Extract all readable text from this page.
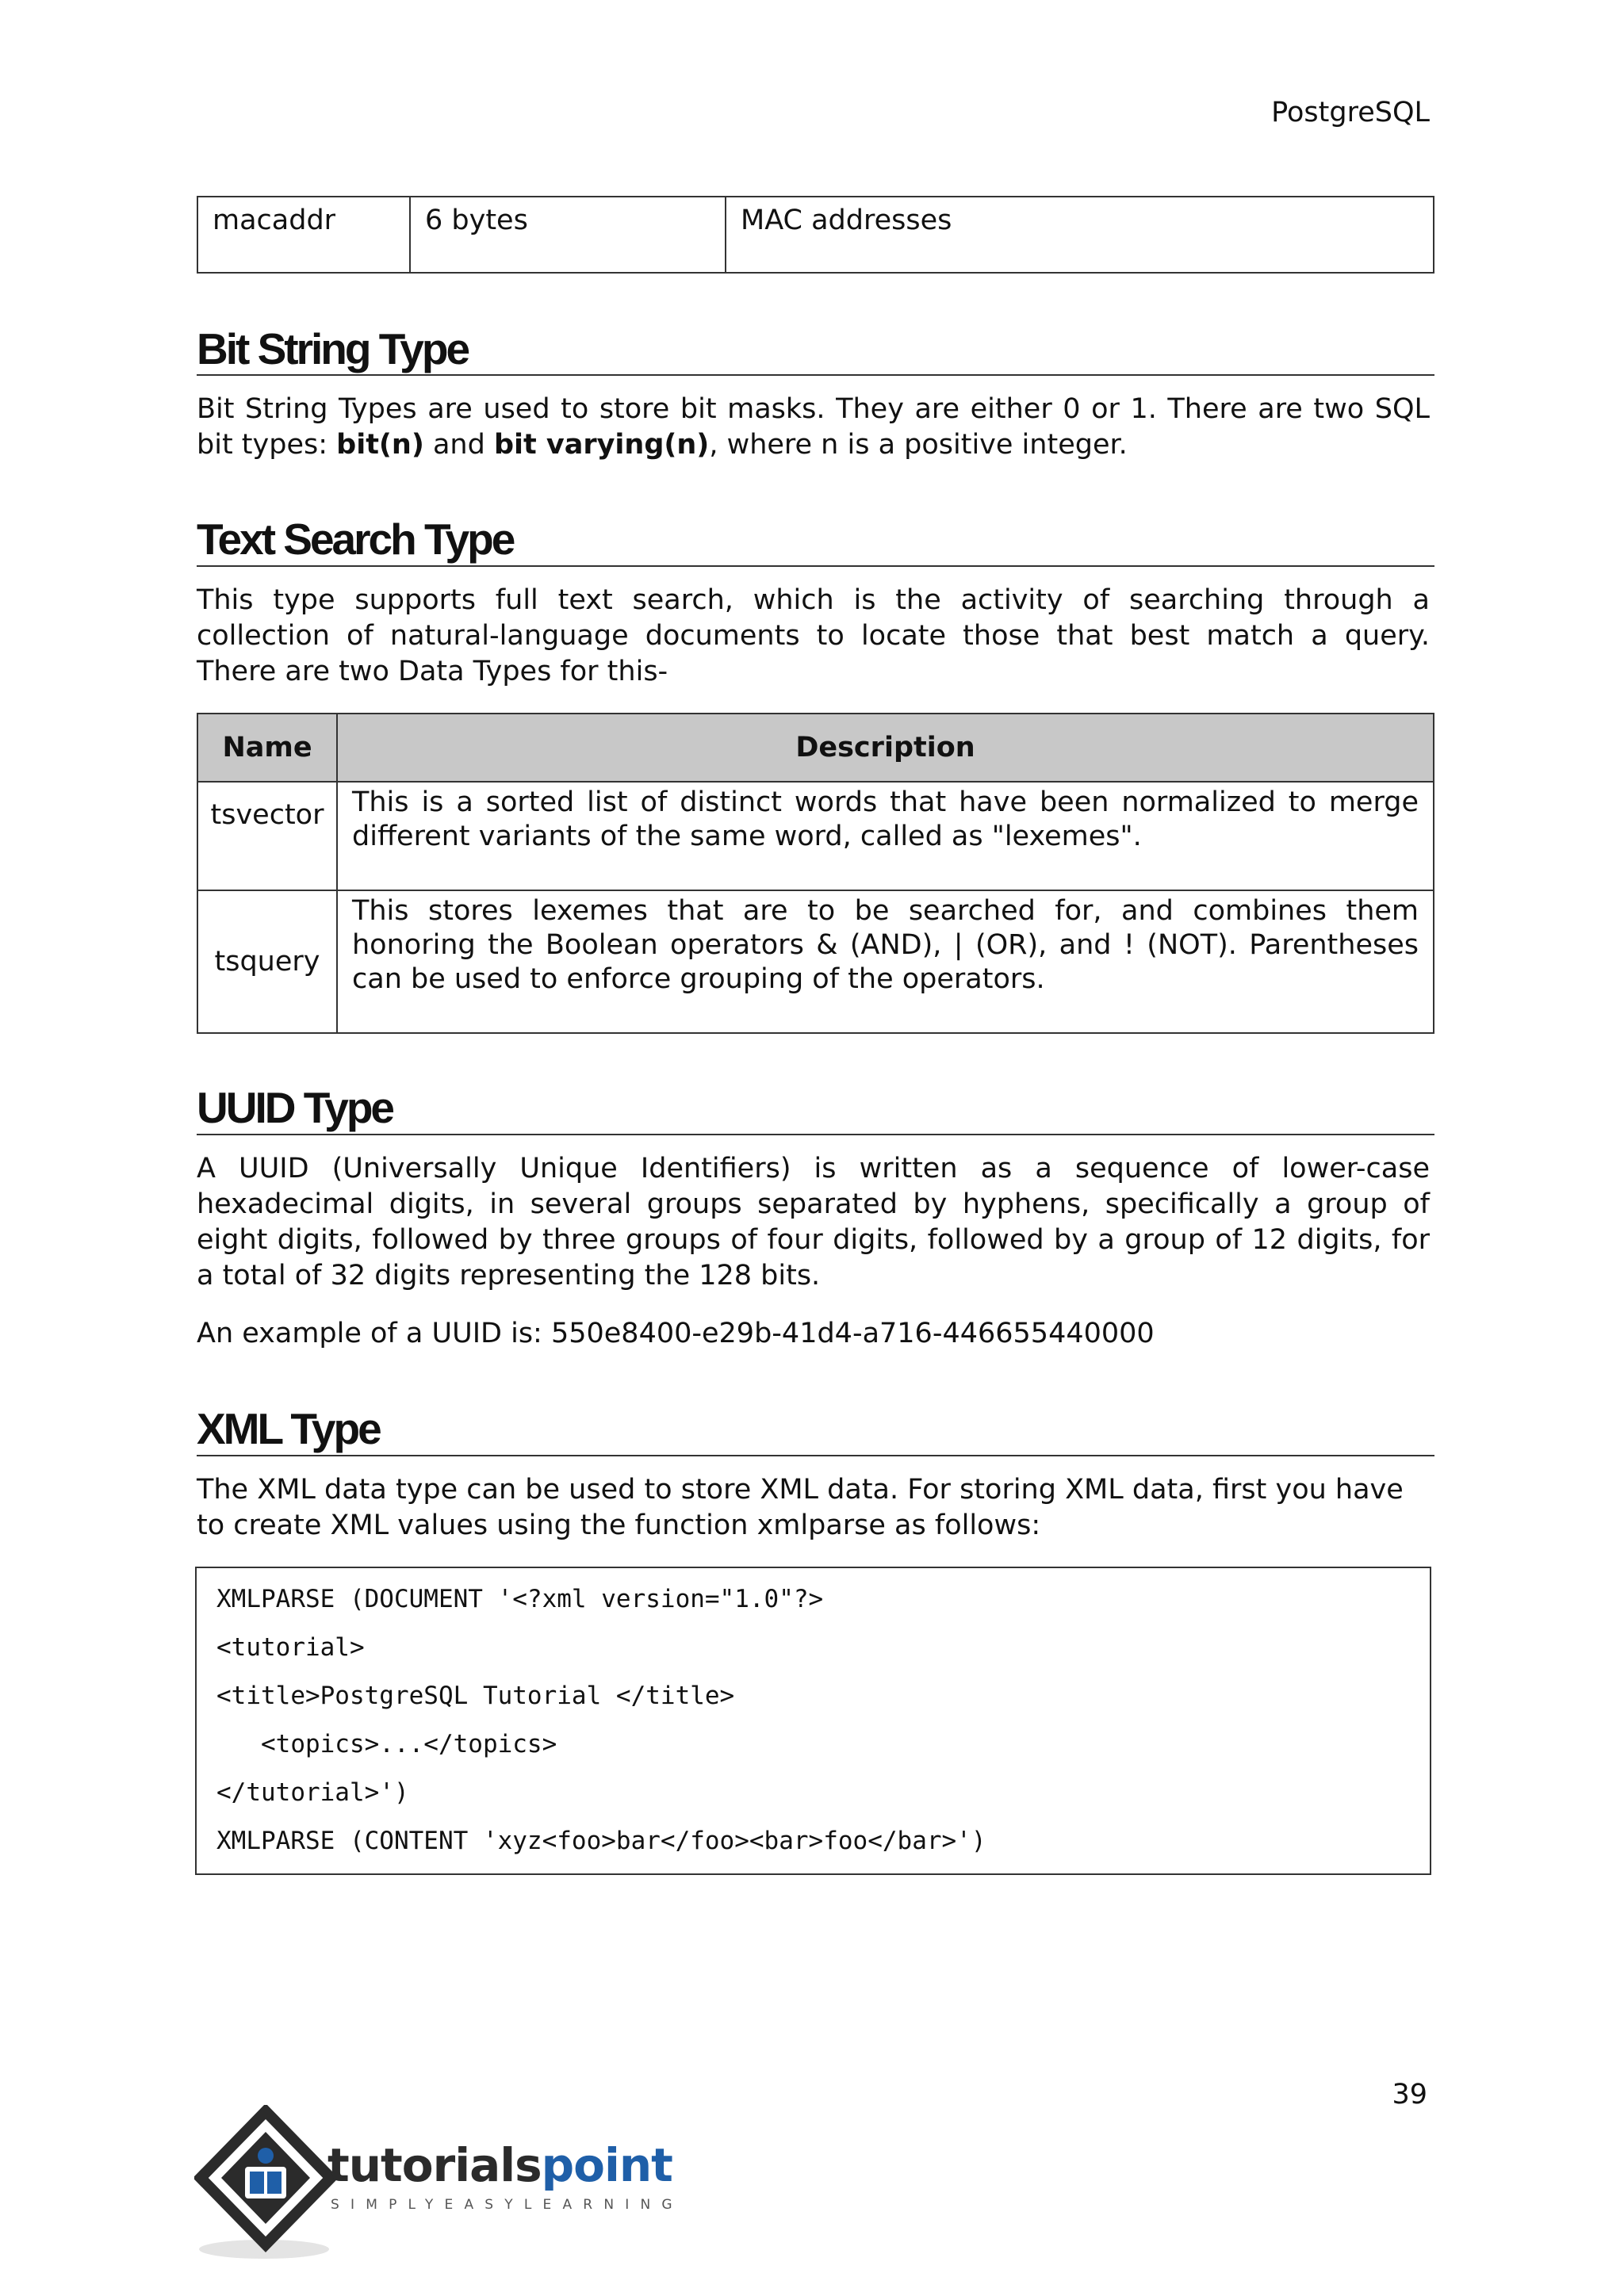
PostgreSQL
macaddr	6 bytes	MAC addresses
Bit String Type
Bit String Types are used to store bit masks. They are either 0 or 1. There are two SQL bit types: bit(n) and bit varying(n), where n is a positive integer.
Text Search Type
This type supports full text search, which is the activity of searching through a collection of natural-language documents to locate those that best match a query. There are two Data Types for this-
Name	Description
tsvector	This is a sorted list of distinct words that have been normalized to merge different variants of the same word, called as "lexemes".
tsquery	This stores lexemes that are to be searched for, and combines them honoring the Boolean operators & (AND), | (OR), and ! (NOT). Parentheses can be used to enforce grouping of the operators.
UUID Type
A UUID (Universally Unique Identifiers) is written as a sequence of lower-case hexadecimal digits, in several groups separated by hyphens, specifically a group of eight digits, followed by three groups of four digits, followed by a group of 12 digits, for a total of 32 digits representing the 128 bits.
An example of a UUID is: 550e8400-e29b-41d4-a716-446655440000
XML Type
The XML data type can be used to store XML data. For storing XML data, first you have to create XML values using the function xmlparse as follows:
XMLPARSE (DOCUMENT '<?xml version="1.0"?>
<tutorial>
<title>PostgreSQL Tutorial </title>
<topics>...</topics>
</tutorial>')
XMLPARSE (CONTENT 'xyz<foo>bar</foo><bar>foo</bar>')
39
tutorialspoint
SIMPLYEASYLEARNING
